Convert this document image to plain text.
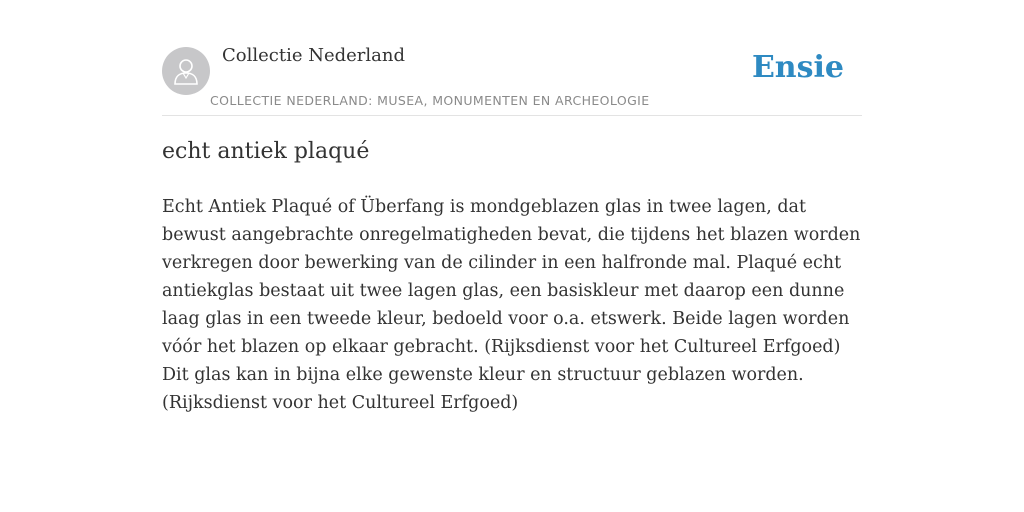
Collectie Nederland
COLLECTIE NEDERLAND: MUSEA, MONUMENTEN EN ARCHEOLOGIE
Ensie
echt antiek plaqué

Echt Antiek Plaqué of Überfang is mondgeblazen glas in twee lagen, dat bewust aangebrachte onregelmatigheden bevat, die tijdens het blazen worden verkregen door bewerking van de cilinder in een halfronde mal. Plaqué echt antiekglas bestaat uit twee lagen glas, een basiskleur met daarop een dunne laag glas in een tweede kleur, bedoeld voor o.a. etswerk. Beide lagen worden vóór het blazen op elkaar gebracht. (Rijksdienst voor het Cultureel Erfgoed) Dit glas kan in bijna elke gewenste kleur en structuur geblazen worden. (Rijksdienst voor het Cultureel Erfgoed)
